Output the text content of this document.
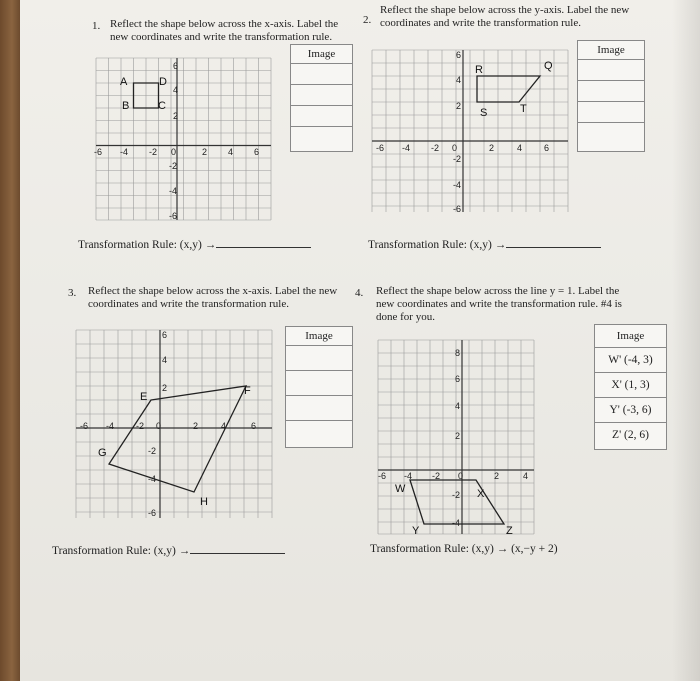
1. Reflect the shape below across the x-axis. Label the new coordinates and write the transformation rule.

-6 -4 -2 0	2 4 6
6
4
2
-2
-4
-6
A	D
B	C
Image
Transformation Rule: (x,y) →
2.

Reflect the shape below across the y-axis. Label the new coordinates and write the transformation rule.

-6 -4 -2 0	2	4 6
6
4
2
-2
-4
-6
R	Q
S	T
Image
Transformation Rule: (x,y) →
3. Reflect the shape below across the x-axis. Label the new coordinates and write the transformation rule.

-6 -4 -2 0	2	4	6
6
4
2
-2
-4
-6
E	F
G
H
Image
Transformation Rule: (x,y) →
4. Reflect the shape below across the line y = 1. Label the new coordinates and write the transformation rule. #4 is done for you.

-6 -4 -2 0	2	4
8
6
4
2
-2
-4
W	X
Y	Z
Image
W' (-4, 3)
X' (1, 3)
Y' (-3, 6)
Z' (2, 6)
Transformation Rule: (x,y) → (x,−y + 2)
